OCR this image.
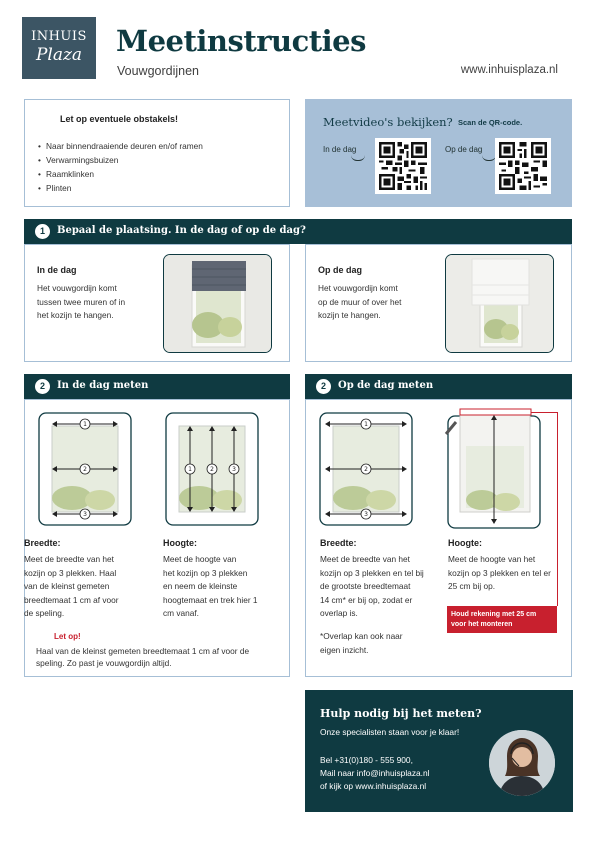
INHUIS
Plaza	Meetinstructies
Vouwgordijnen	www.inhuisplaza.nl
Let op eventuele obstakels!
• Naar binnendraaiende deuren en/of ramen
• Verwarmingsbuizen
• Raamklinken
• Plinten
Meetvideo's bekijken? Scan de QR-code.
In de dag	Op de dag
1	Bepaal de plaatsing. In de dag of op de dag?
In de dag
Het vouwgordijn komt
tussen twee muren of in
het kozijn te hangen.
Op de dag
Het vouwgordijn komt
op de muur of over het
kozijn te hangen.
2	In de dag meten	2	Op de dag meten
1
2
3
1	2	3
Breedte:
Meet de breedte van het
kozijn op 3 plekken. Haal
van de kleinst gemeten
breedtemaat 1 cm af voor
de speling.
Hoogte:
Meet de hoogte van
het kozijn op 3 plekken
en neem de kleinste
hoogtemaat en trek hier 1
cm vanaf.
Let op!
Haal van de kleinst gemeten breedtemaat 1 cm af voor de speling. Zo past je vouwgordijn altijd.
1
2
3
Breedte:
Meet de breedte van het
kozijn op 3 plekken en tel bij
de grootste breedtemaat
14 cm* er bij op, zodat er
overlap is.
*Overlap kan ook naar
eigen inzicht.
Hoogte:
Meet de hoogte van het
kozijn op 3 plekken en tel er
25 cm bij op.
Houd rekening met 25 cm voor het monteren
Hulp nodig bij het meten?
Onze specialisten staan voor je klaar!
Bel +31(0)180 - 555 900,
Mail naar info@inhuisplaza.nl
of kijk op www.inhuisplaza.nl
